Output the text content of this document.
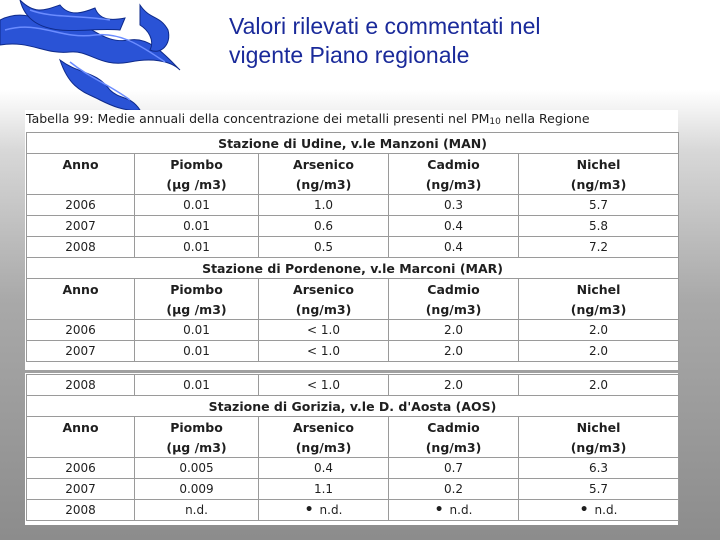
Valori rilevati e commentati nel
vigente Piano regionale
Tabella 99: Medie annuali della concentrazione dei metalli presenti nel $PM_{10}$ nella Regione
Stazione di Udine, v.le Manzoni (MAN)				
Anno	Piombo	Arsenico	Cadmio	Nichel
	(µg /m3)	(ng/m3)	(ng/m3)	(ng/m3)
2006	0.01	1.0	0.3	5.7
2007	0.01	0.6	0.4	5.8
2008	0.01	0.5	0.4	7.2
Stazione di Pordenone, v.le Marconi (MAR)				
Anno	Piombo	Arsenico	Cadmio	Nichel
	(µg /m3)	(ng/m3)	(ng/m3)	(ng/m3)
2006	0.01	< 1.0	2.0	2.0
2007	0.01	< 1.0	2.0	2.0
2008	0.01	< 1.0	2.0	2.0
Stazione di Gorizia, v.le D. d'Aosta (AOS)				
Anno	Piombo	Arsenico	Cadmio	Nichel
	(µg /m3)	(ng/m3)	(ng/m3)	(ng/m3)
2006	0.005	0.4	0.7	6.3
2007	0.009	1.1	0.2	5.7
2008	n.d.	• n.d.	• n.d.	• n.d.
